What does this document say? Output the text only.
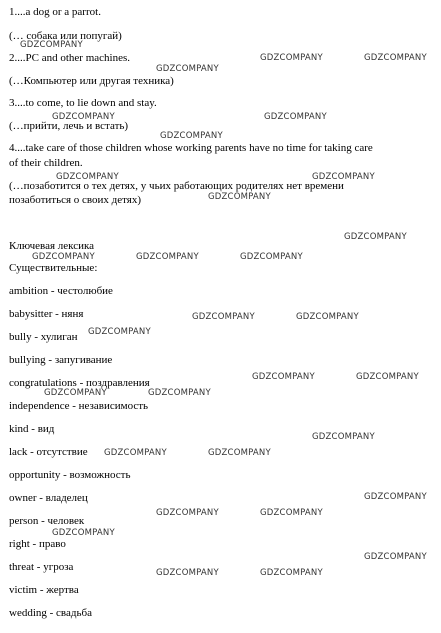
1....a dog or a parrot.
(… собака или попугай)
2....PC and other machines.
(…Компьютер или другая техника)
3....to come, to lie down and stay.
(…прийти, лечь и встать)
4....take care of those children whose working parents have no time for taking care
of their children.
(…позаботится о тех детях, у чьих работающих родителях нет времени
позаботиться о своих детях)
Ключевая лексика
Существительные:
ambition - честолюбие
babysitter - няня
bully - хулиган
bullying - запугивание
congratulations - поздравления
independence - независимость
kind - вид
lack - отсутствие
opportunity - возможность
owner - владелец
person - человек
right - право
threat - угроза
victim - жертва
wedding - свадьба
GDZCOMPANY
GDZCOMPANY
GDZCOMPANY	GDZCOMPANY
GDZCOMPANY	GDZCOMPANY
GDZCOMPANY
GDZCOMPANY	GDZCOMPANY
GDZCOMPANY
GDZCOMPANY
GDZCOMPANY	GDZCOMPANY	GDZCOMPANY
GDZCOMPANY	GDZCOMPANY
GDZCOMPANY
GDZCOMPANY	GDZCOMPANY
GDZCOMPANY	GDZCOMPANY
GDZCOMPANY
GDZCOMPANY	GDZCOMPANY
GDZCOMPANY
GDZCOMPANY	GDZCOMPANY
GDZCOMPANY
GDZCOMPANY
GDZCOMPANY	GDZCOMPANY
